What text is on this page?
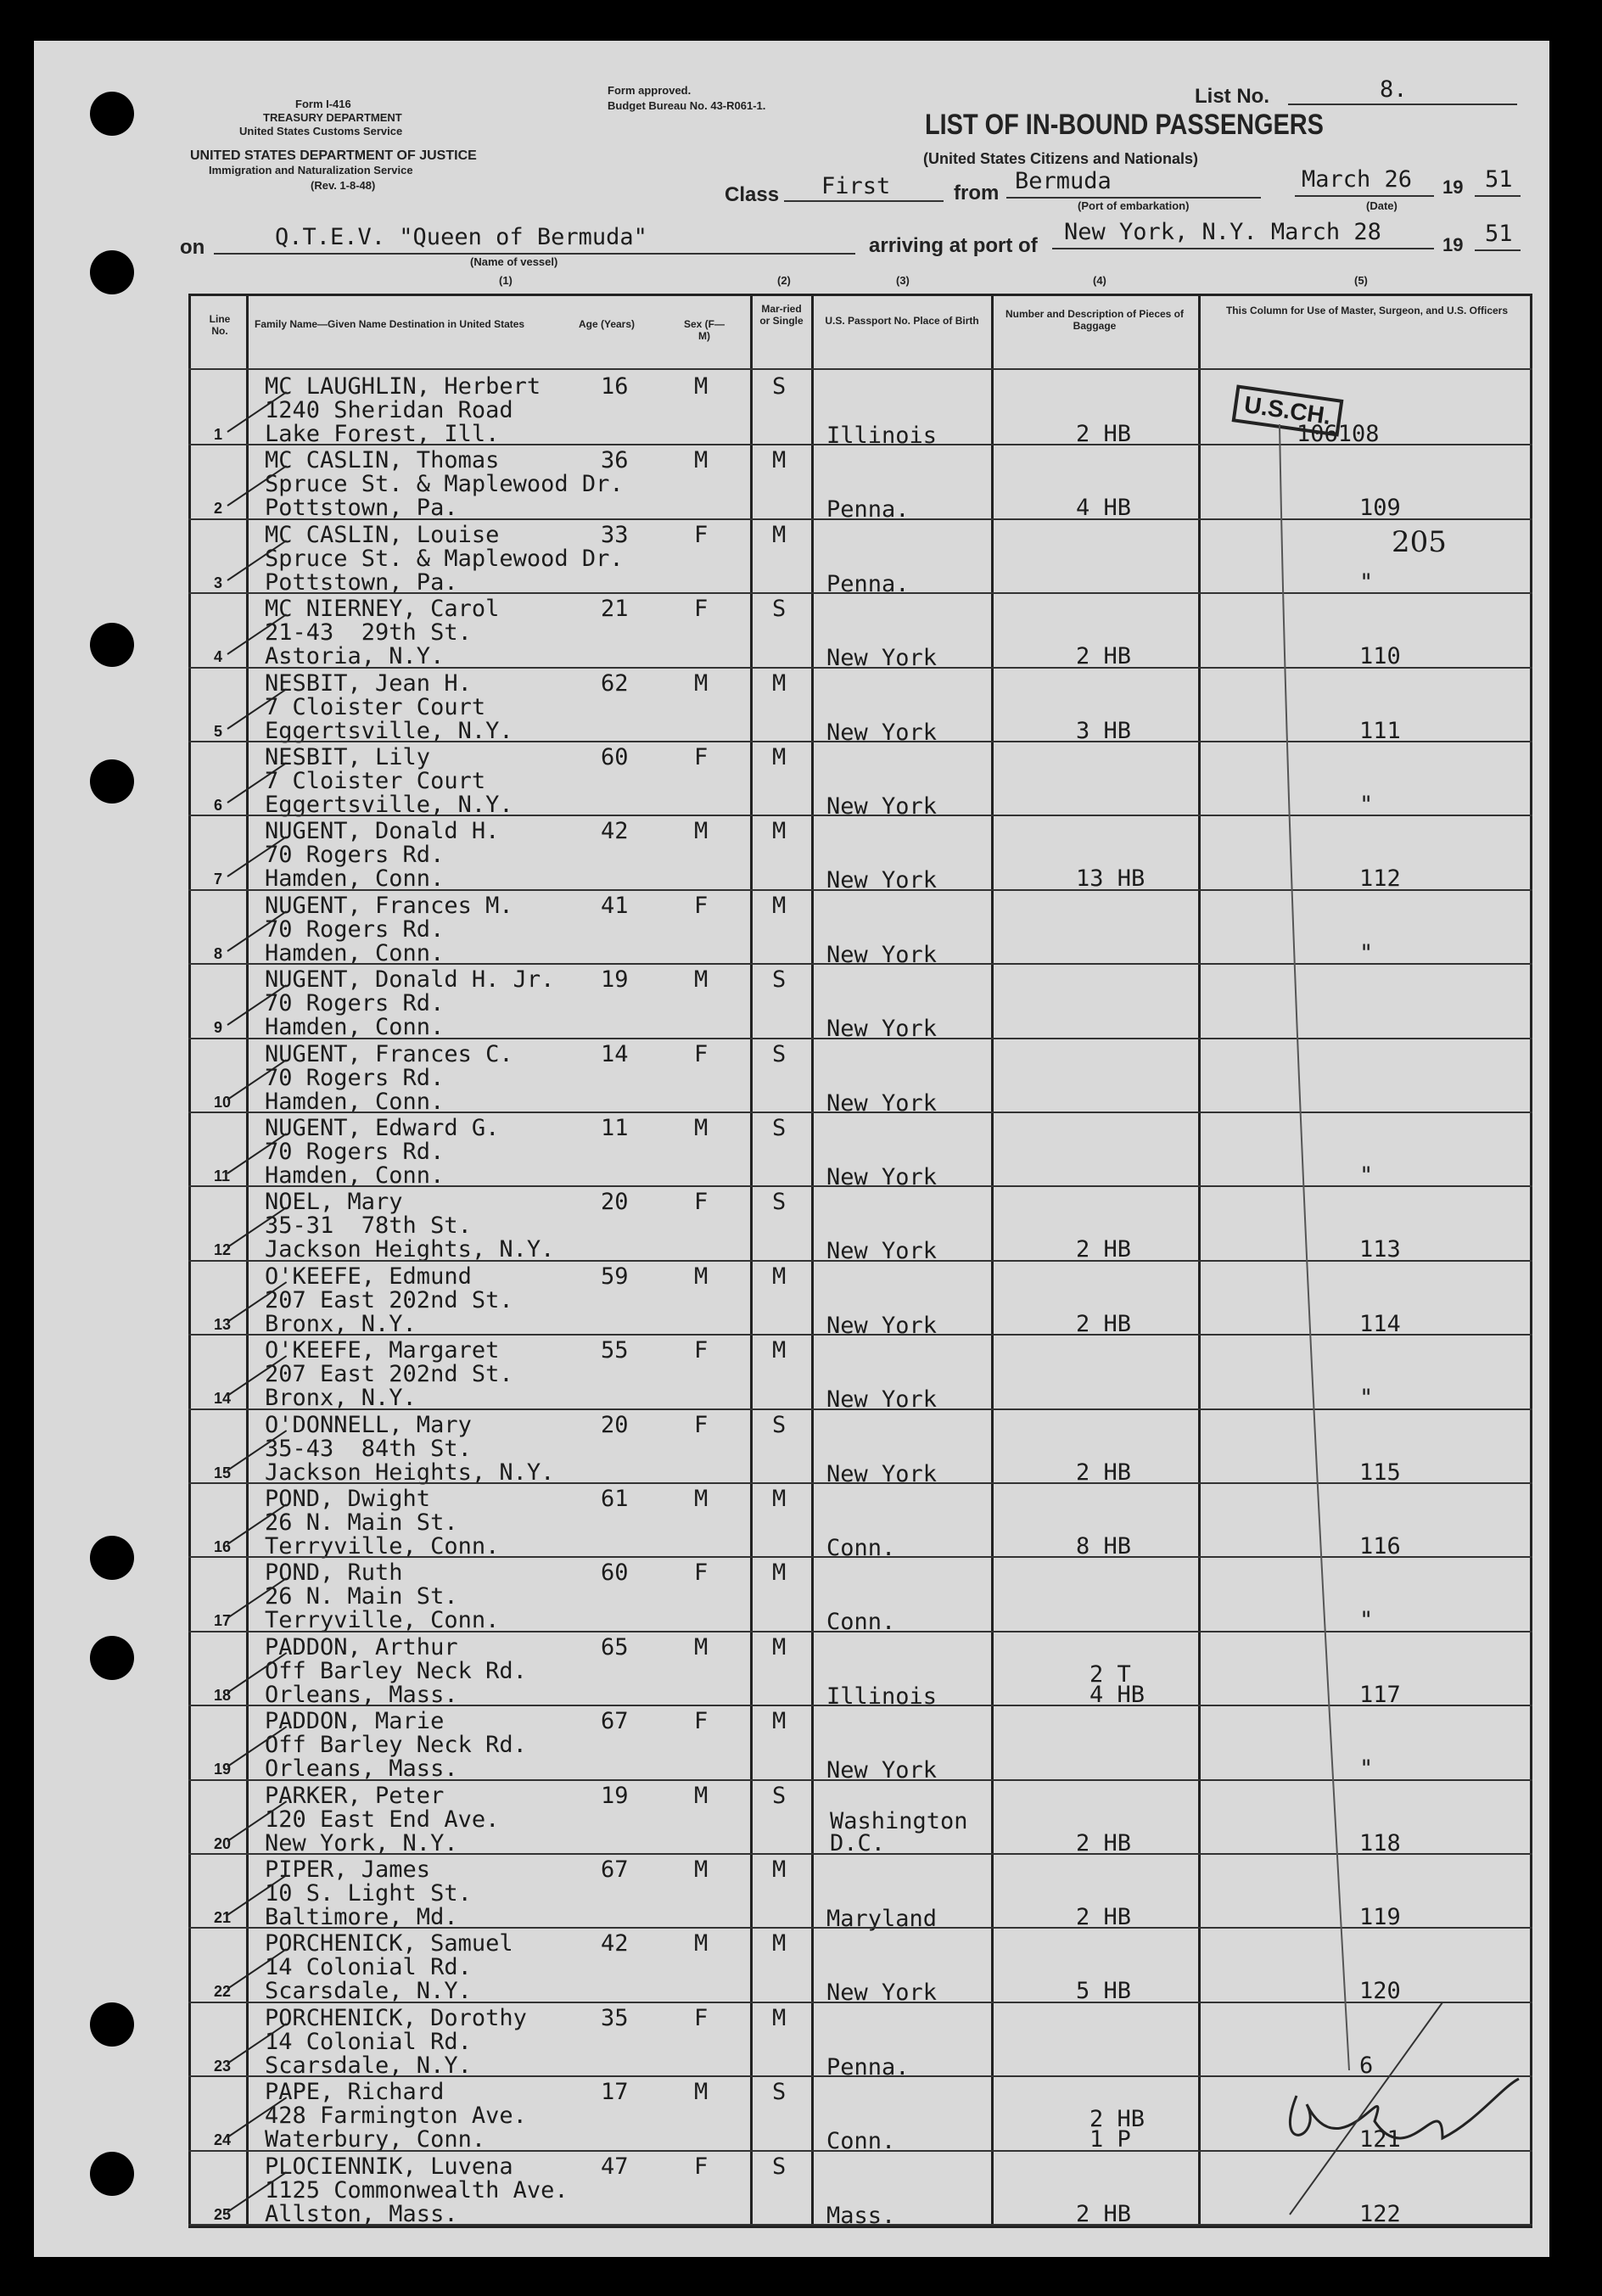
Form I-416
TREASURY DEPARTMENT
United States Customs Service
UNITED STATES DEPARTMENT OF JUSTICE
Immigration and Naturalization Service
(Rev. 1-8-48)
Form approved.
Budget Bureau No. 43-R061-1.
LIST OF IN-BOUND PASSENGERS
(United States Citizens and Nationals)
List No.	8.
Class First	from Bermuda
(Port of embarkation)
March 26
(Date)
19 51
on	Q.T.E.V. "Queen of Bermuda"
(Name of vessel)
arriving at port of
New York, N.Y. March 28	19 51
(1)	(2)	(3)	(4)	(5)
Line No.
Family Name—Given Name Destination in United States	Age (Years)	Sex (F—M)
Mar-ried or Single	U.S. Passport No. Place of Birth
Number and Description of Pieces of Baggage
This Column for Use of Master, Surgeon, and U.S. Officers
1
MC LAUGHLIN, Herbert
1240 Sheridan Road
Lake Forest, Ill.
16	M	S
Illinois	2 HB	106108
2
MC CASLIN, Thomas
Spruce St. & Maplewood Dr.
Pottstown, Pa.
36	M	M
Penna.	4 HB	109
3
MC CASLIN, Louise
Spruce St. & Maplewood Dr.
Pottstown, Pa.
33	F	M
Penna.	"
4
MC NIERNEY, Carol
21-43  29th St.
Astoria, N.Y.
21	F	S
New York	2 HB	110
5
NESBIT, Jean H.
7 Cloister Court
Eggertsville, N.Y.
62	M	M
New York	3 HB	111
6
NESBIT, Lily
7 Cloister Court
Eggertsville, N.Y.
60	F	M
New York	"
7
NUGENT, Donald H.
70 Rogers Rd.
Hamden, Conn.
42	M	M
New York	13 HB	112
8
NUGENT, Frances M.
70 Rogers Rd.
Hamden, Conn.
41	F	M
New York	"
9
NUGENT, Donald H. Jr.
70 Rogers Rd.
Hamden, Conn.
19	M	S
New York
10
NUGENT, Frances C.
70 Rogers Rd.
Hamden, Conn.
14	F	S
New York
11
NUGENT, Edward G.
70 Rogers Rd.
Hamden, Conn.
11	M	S
New York	"
12
NOEL, Mary
35-31  78th St.
Jackson Heights, N.Y.
20	F	S
New York	2 HB	113
13
O'KEEFE, Edmund
207 East 202nd St.
Bronx, N.Y.
59	M	M
New York	2 HB	114
14
O'KEEFE, Margaret
207 East 202nd St.
Bronx, N.Y.
55	F	M
New York	"
15
O'DONNELL, Mary
35-43  84th St.
Jackson Heights, N.Y.
20	F	S
New York	2 HB	115
16
POND, Dwight
26 N. Main St.
Terryville, Conn.
61	M	M
Conn.	8 HB	116
17
POND, Ruth
26 N. Main St.
Terryville, Conn.
60	F	M
Conn.	"
18
PADDON, Arthur
Off Barley Neck Rd.
Orleans, Mass.
65	M	M
Illinois
2 T
4 HB	117
19
PADDON, Marie
Off Barley Neck Rd.
Orleans, Mass.
67	F	M
New York	"
20
PARKER, Peter
120 East End Ave.
New York, N.Y.
19	M	S
Washington
D.C.	2 HB	118
21
PIPER, James
10 S. Light St.
Baltimore, Md.
67	M	M
Maryland	2 HB	119
22
PORCHENICK, Samuel
14 Colonial Rd.
Scarsdale, N.Y.
42	M	M
New York	5 HB	120
23
PORCHENICK, Dorothy
14 Colonial Rd.
Scarsdale, N.Y.
35	F	M
Penna.	6
24
PAPE, Richard
428 Farmington Ave.
Waterbury, Conn.
17	M	S
Conn.
2 HB
1 P	121
25
PLOCIENNIK, Luvena
1125 Commonwealth Ave.
Allston, Mass.
47	F	S
Mass.	2 HB	122
U.S.CH.
205
